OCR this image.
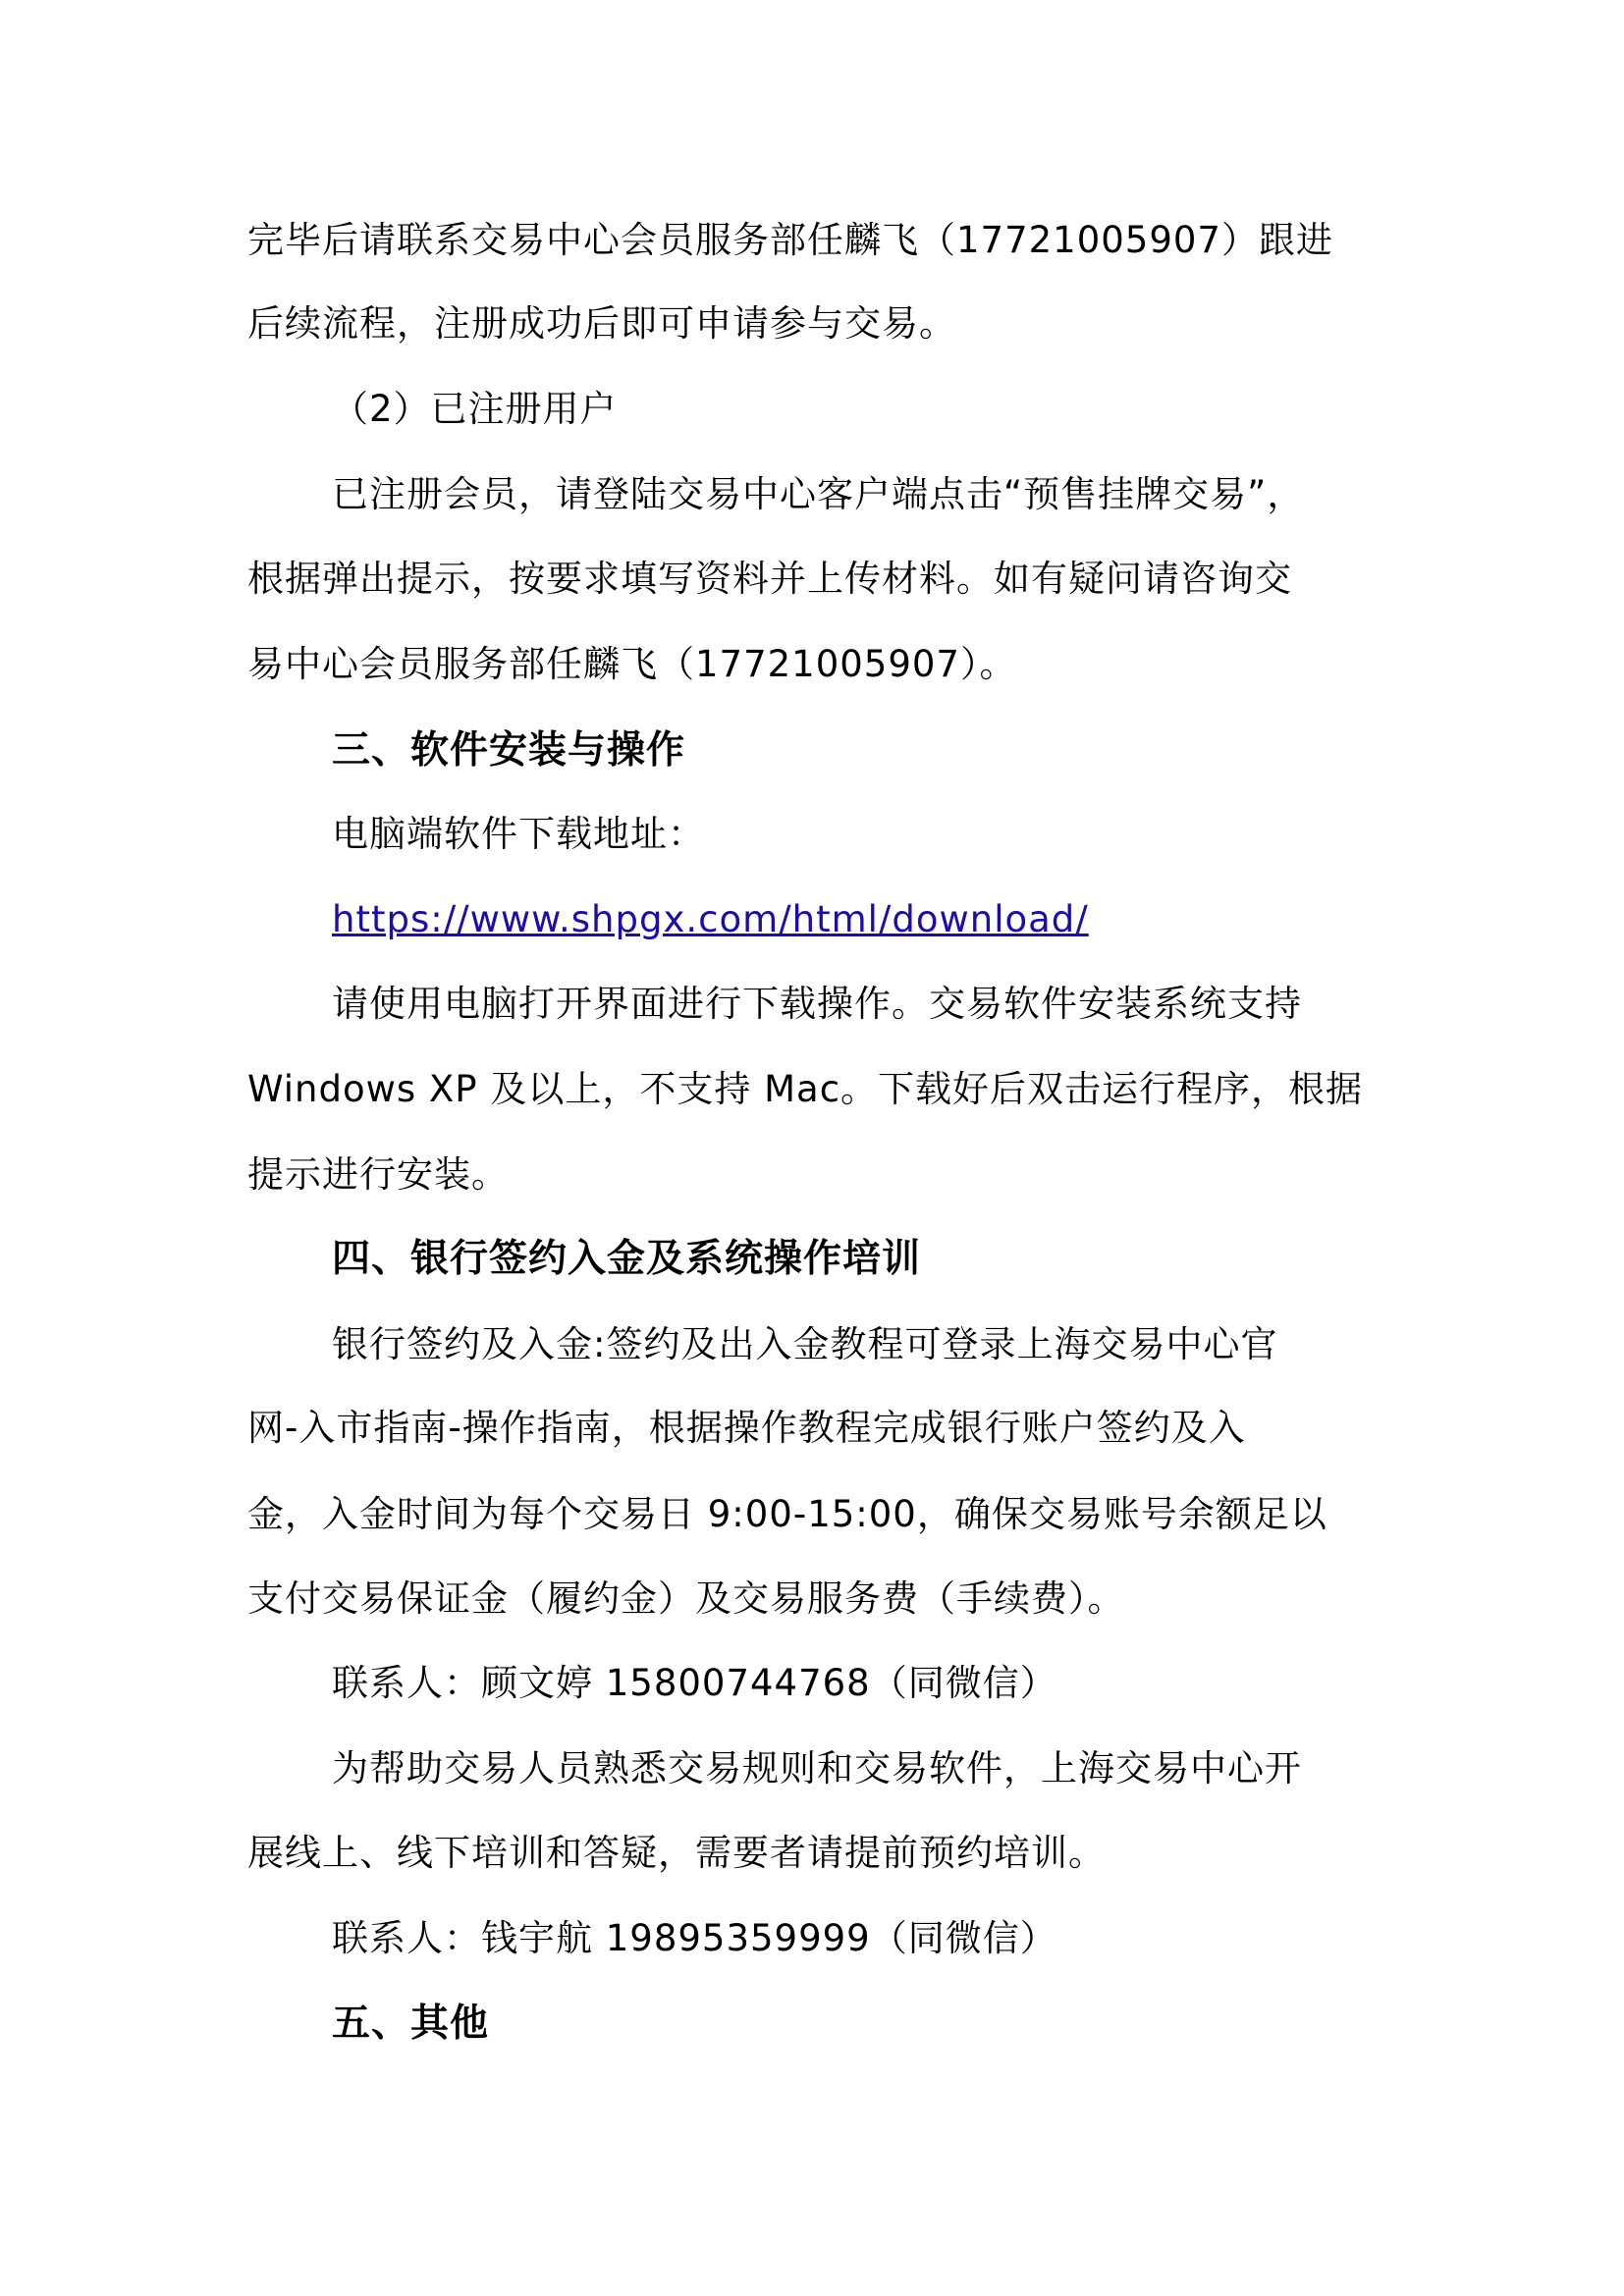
完毕后请联系交易中心会员服务部任麟飞（17721005907）跟进
后续流程，注册成功后即可申请参与交易。
（2）已注册用户
已注册会员，请登陆交易中心客户端点击“预售挂牌交易”，
根据弹出提示，按要求填写资料并上传材料。如有疑问请咨询交
易中心会员服务部任麟飞（17721005907）。
三、软件安装与操作
电脑端软件下载地址：
https://www.shpgx.com/html/download/
请使用电脑打开界面进行下载操作。交易软件安装系统支持
Windows XP 及以上，不支持 Mac。下载好后双击运行程序，根据
提示进行安装。
四、银行签约入金及系统操作培训
银行签约及入金:签约及出入金教程可登录上海交易中心官
网-入市指南-操作指南，根据操作教程完成银行账户签约及入
金，入金时间为每个交易日 9:00-15:00，确保交易账号余额足以
支付交易保证金（履约金）及交易服务费（手续费）。
联系人：顾文婷 15800744768（同微信）
为帮助交易人员熟悉交易规则和交易软件，上海交易中心开
展线上、线下培训和答疑，需要者请提前预约培训。
联系人：钱宇航 19895359999（同微信）
五、其他
